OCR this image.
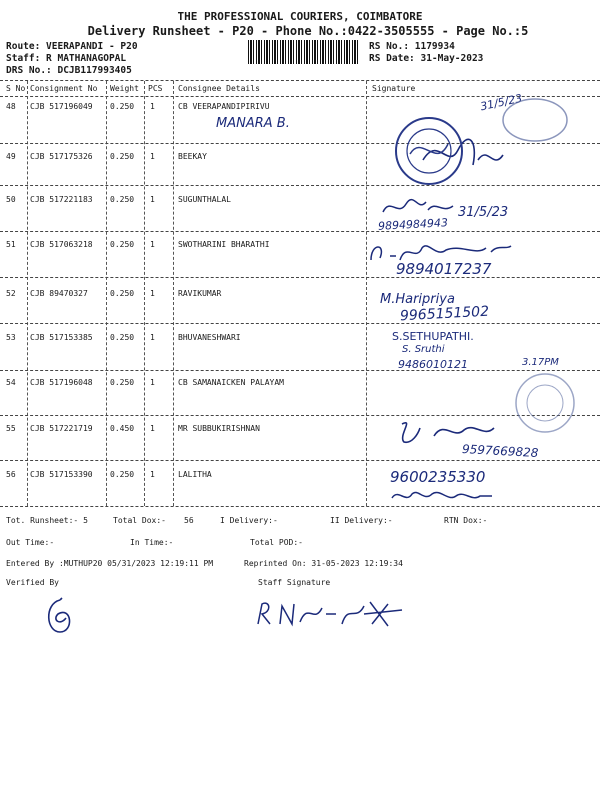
THE PROFESSIONAL COURIERS, COIMBATORE
Delivery Runsheet - P20 - Phone No.:0422-3505555 - Page No.:5
Route: VEERAPANDI - P20
Staff: R MATHANAGOPAL
DRS No.: DCJB117993405
RS No.: 1179934
RS Date: 31-May-2023
S No Consignment No Weight PCS Consignee Details	Signature
48 CJB 517196049 0.250 1	CB VEERAPANDIPIRIVU
49 CJB 517175326 0.250 1	BEEKAY
50 CJB 517221183 0.250 1	SUGUNTHALAL
51 CJB 517063218 0.250 1	SWOTHARINI BHARATHI
52 CJB 89470327	0.250 1	RAVIKUMAR
53 CJB 517153385 0.250 1	BHUVANESHWARI
54 CJB 517196048 0.250 1	CB SAMANAICKEN PALAYAM
55 CJB 517221719 0.450 1	MR SUBBUKIRISHNAN
56 CJB 517153390 0.250 1	LALITHA
MANARA B.
31/5/23
31/5/23
9894984943
9894017237
M.Haripriya
9965151502
S.SETHUPATHI.
S. Sruthi
9486010121	3.17PM
9597669828
9600235330
Tot. Runsheet:- 5	Total Dox:- 56	I Delivery:-	II Delivery:-	RTN Dox:-
Out Time:-	In Time:-	Total POD:-
Entered By :MUTHUP20 05/31/2023 12:19:11 PM	Reprinted On: 31-05-2023 12:19:34
Verified By	Staff Signature
